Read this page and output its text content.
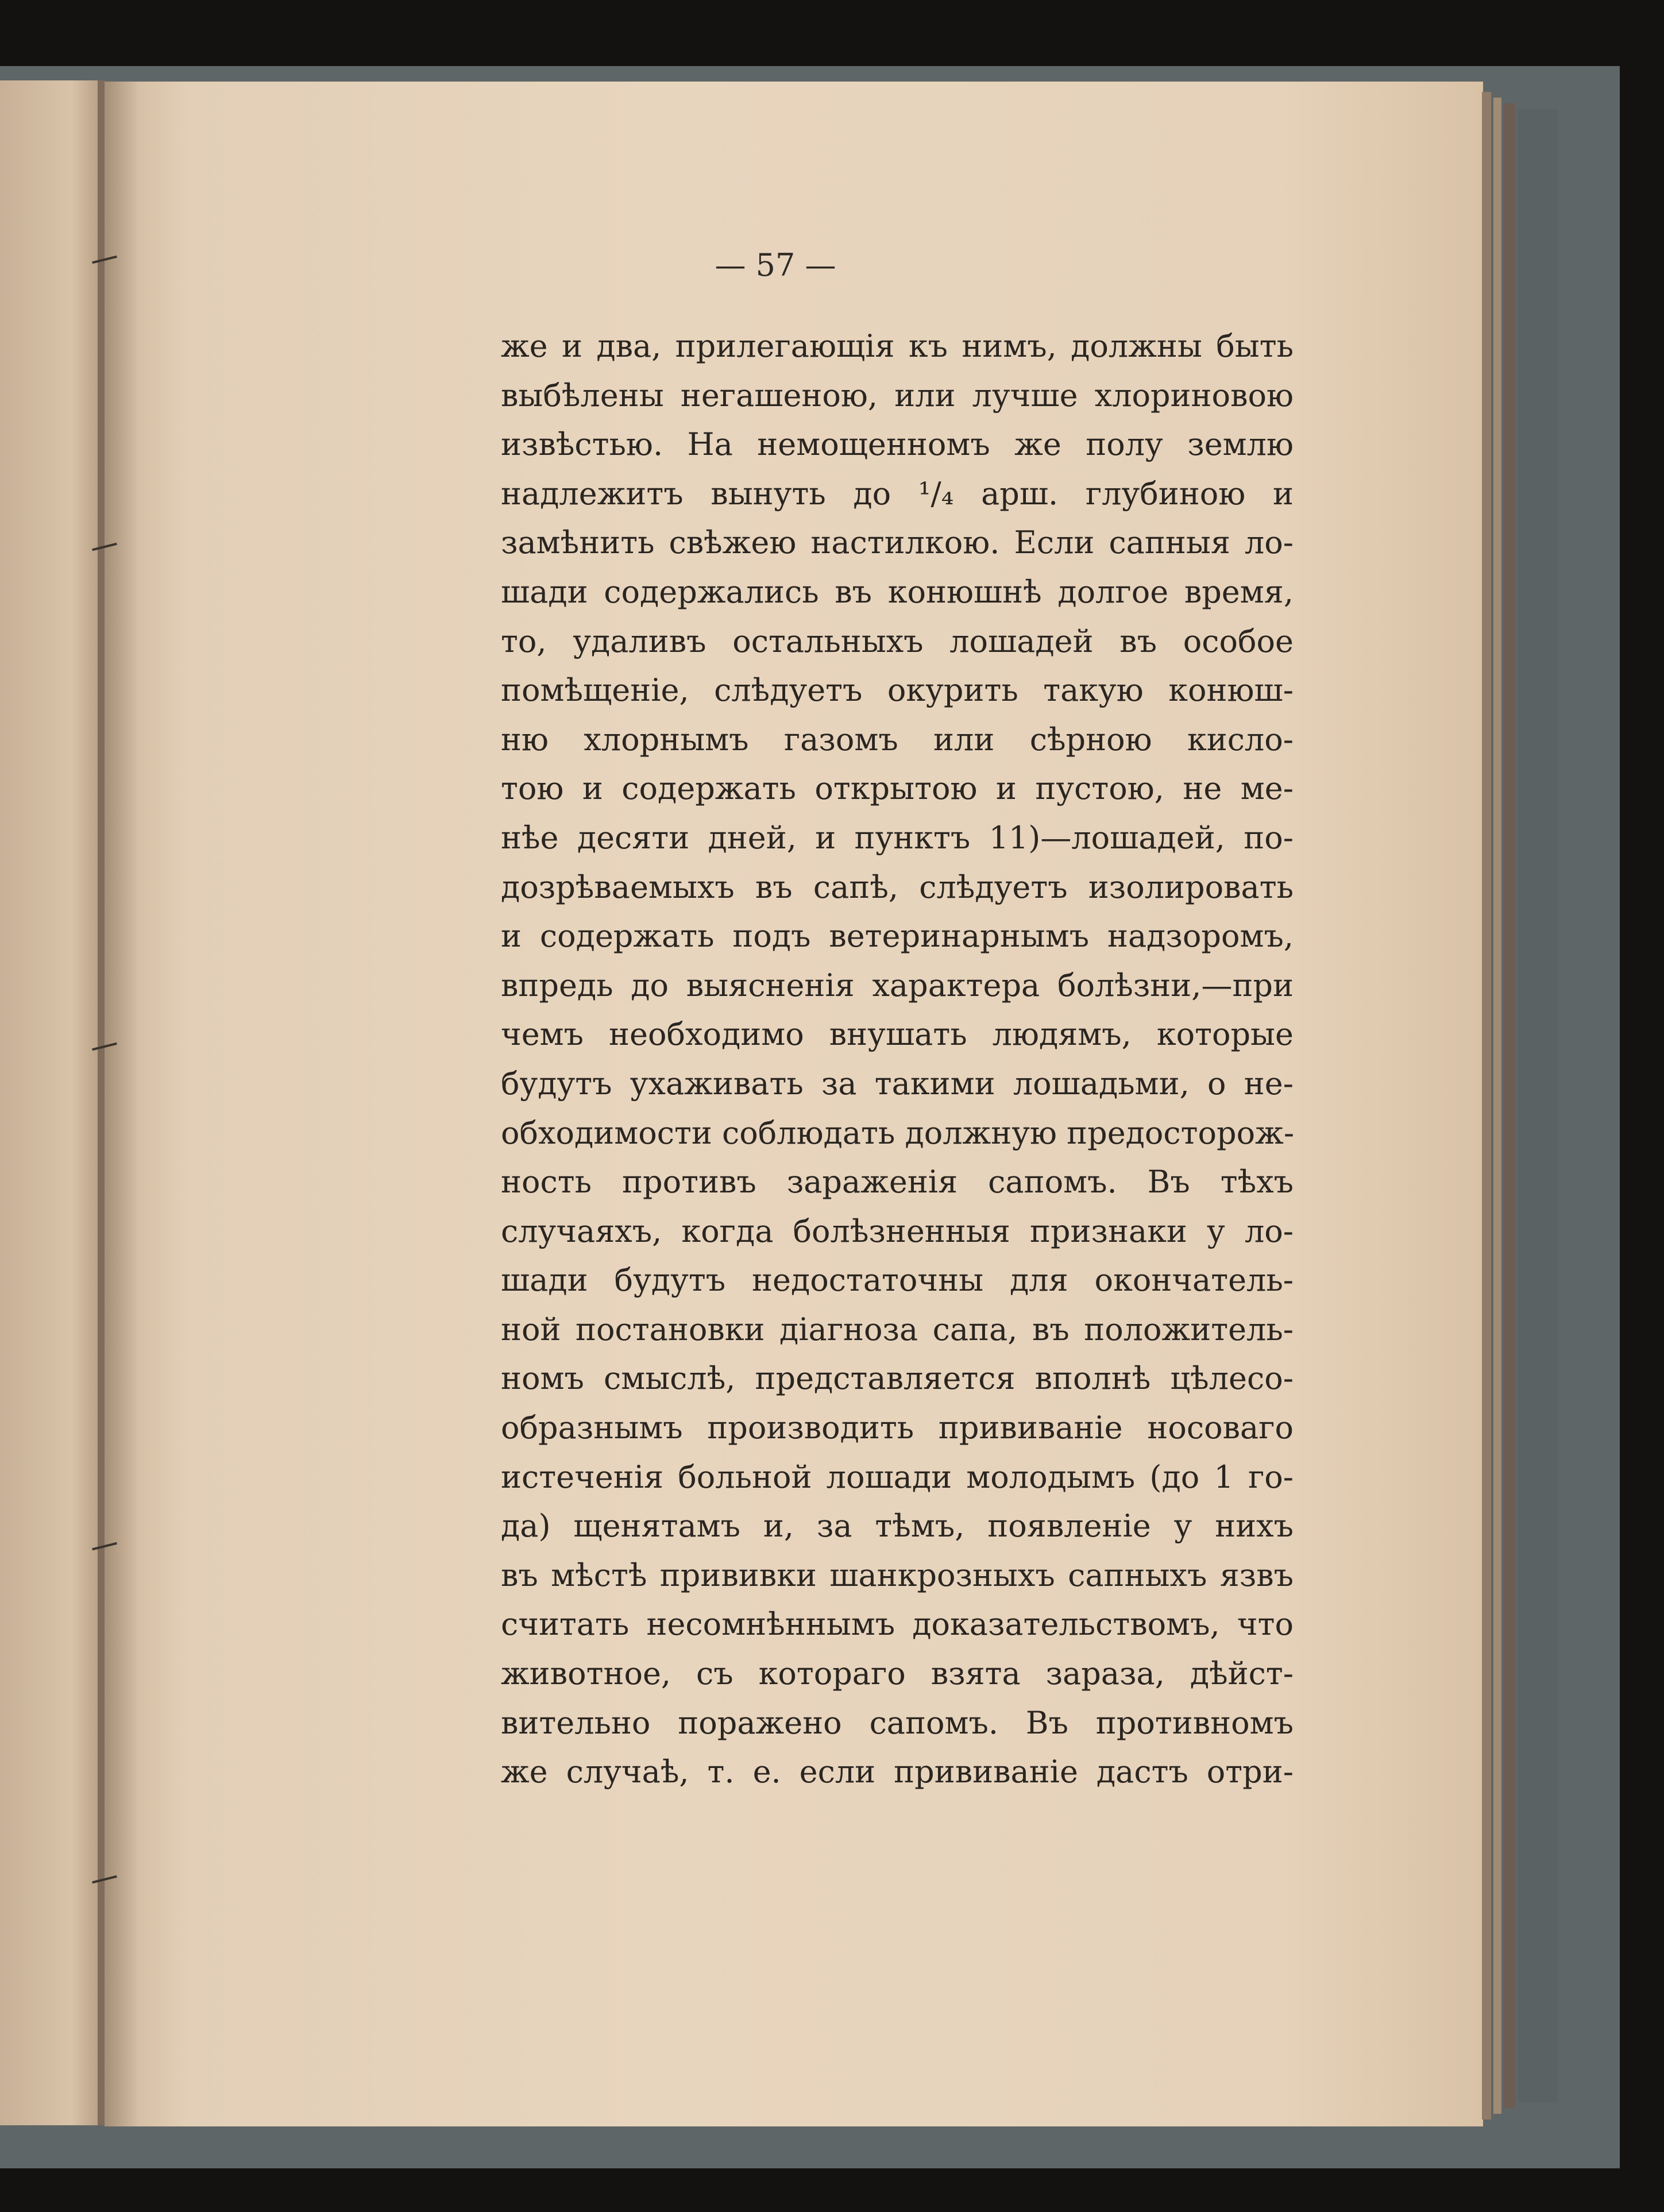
— 57 —
же и два, прилегающія къ нимъ, должны быть
выбѣлены негашеною, или лучше хлориновою
извѣстью. На немощенномъ же полу землю
надлежитъ вынуть до ¹/₄ арш. глубиною и
замѣнить свѣжею настилкою. Если сапныя ло-
шади содержались въ конюшнѣ долгое время,
то, удаливъ остальныхъ лошадей въ особое
помѣщеніе, слѣдуетъ окурить такую конюш-
ню хлорнымъ газомъ или сѣрною кисло-
тою и содержать открытою и пустою, не ме-
нѣе десяти дней, и пунктъ 11)—лошадей, по-
дозрѣваемыхъ въ сапѣ, слѣдуетъ изолировать
и содержать подъ ветеринарнымъ надзоромъ,
впредь до выясненія характера болѣзни,—при
чемъ необходимо внушать людямъ, которые
будутъ ухаживать за такими лошадьми, о не-
обходимости соблюдать должную предосторож-
ность противъ зараженія сапомъ. Въ тѣхъ
случаяхъ, когда болѣзненныя признаки у ло-
шади будутъ недостаточны для окончатель-
ной постановки діагноза сапа, въ положитель-
номъ смыслѣ, представляется вполнѣ цѣлесо-
образнымъ производить прививаніе носоваго
истеченія больной лошади молодымъ (до 1 го-
да) щенятамъ и, за тѣмъ, появленіе у нихъ
въ мѣстѣ прививки шанкрозныхъ сапныхъ язвъ
считать несомнѣннымъ доказательствомъ, что
животное, съ котораго взята зараза, дѣйст-
вительно поражено сапомъ. Въ противномъ
же случаѣ, т. е. если прививаніе дастъ отри-
